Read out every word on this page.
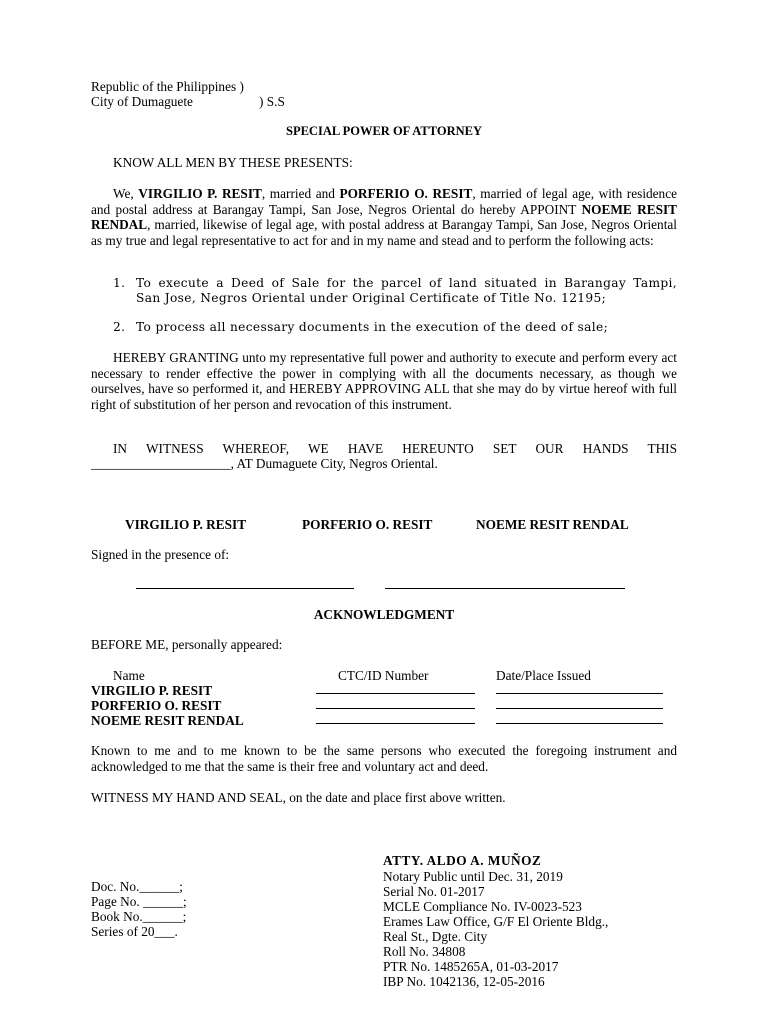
Republic of the Philippines )
City of Dumaguete	) S.S
SPECIAL POWER OF ATTORNEY
KNOW ALL MEN BY THESE PRESENTS:
We, VIRGILIO P. RESIT, married and PORFERIO O. RESIT, married of legal age, with residence and postal address at Barangay Tampi, San Jose, Negros Oriental do hereby APPOINT NOEME RESIT RENDAL, married, likewise of legal age, with postal address at Barangay Tampi, San Jose, Negros Oriental as my true and legal representative to act for and in my name and stead and to perform the following acts:
1. To execute a Deed of Sale for the parcel of land situated in Barangay Tampi,
San Jose, Negros Oriental under Original Certificate of Title No. 12195;
2. To process all necessary documents in the execution of the deed of sale;
HEREBY GRANTING unto my representative full power and authority to execute and perform every act necessary to render effective the power in complying with all the documents necessary, as though we ourselves, have so performed it, and HEREBY APPROVING ALL that she may do by virtue hereof with full right of substitution of her person and revocation of this instrument.
IN WITNESS WHEREOF, WE HAVE HEREUNTO SET OUR HANDS THIS
_____________________, AT Dumaguete City, Negros Oriental.
VIRGILIO P. RESIT	PORFERIO O. RESIT	NOEME RESIT RENDAL
Signed in the presence of:
ACKNOWLEDGMENT
BEFORE ME, personally appeared:
Name	CTC/ID Number	Date/Place Issued
VIRGILIO P. RESIT
PORFERIO O. RESIT
NOEME RESIT RENDAL
Known to me and to me known to be the same persons who executed the foregoing instrument and acknowledged to me that the same is their free and voluntary act and deed.
WITNESS MY HAND AND SEAL, on the date and place first above written.
ATTY. ALDO A. MUÑOZ
Notary Public until Dec. 31, 2019
Serial No. 01-2017
MCLE Compliance No. IV-0023-523
Erames Law Office, G/F El Oriente Bldg.,
Real St., Dgte. City
Roll No. 34808
PTR No. 1485265A, 01-03-2017
IBP No. 1042136, 12-05-2016
Doc. No.______;
Page No. ______;
Book No.______;
Series of 20___.
